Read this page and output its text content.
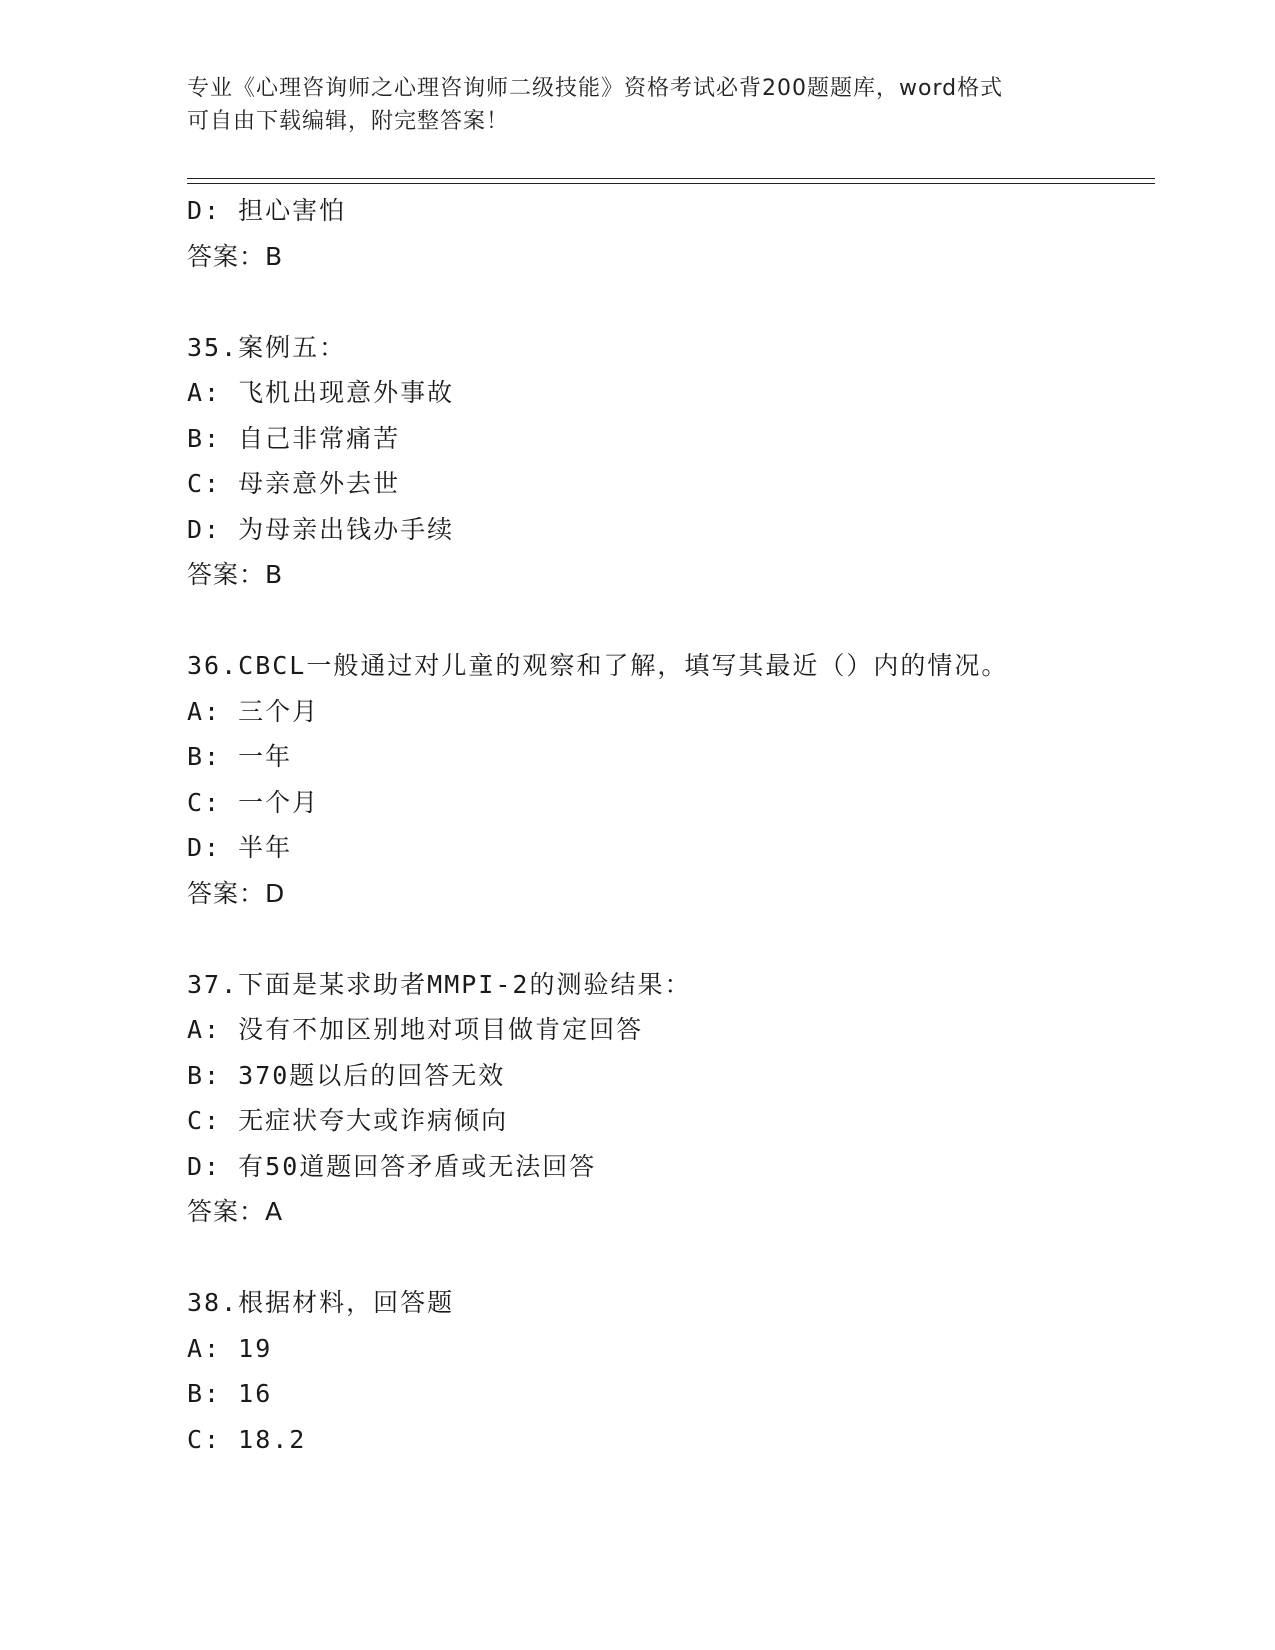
专业《心理咨询师之心理咨询师二级技能》资格考试必背200题题库，word格式
可自由下载编辑，附完整答案！
D: 担心害怕
答案：B
35.案例五：
A: 飞机出现意外事故
B: 自己非常痛苦
C: 母亲意外去世
D: 为母亲出钱办手续
答案：B
36.CBCL一般通过对儿童的观察和了解，填写其最近（）内的情况。
A: 三个月
B: 一年
C: 一个月
D: 半年
答案：D
37.下面是某求助者MMPI-2的测验结果：
A: 没有不加区别地对项目做肯定回答
B: 370题以后的回答无效
C: 无症状夸大或诈病倾向
D: 有50道题回答矛盾或无法回答
答案：A
38.根据材料，回答题
A: 19
B: 16
C: 18.2
